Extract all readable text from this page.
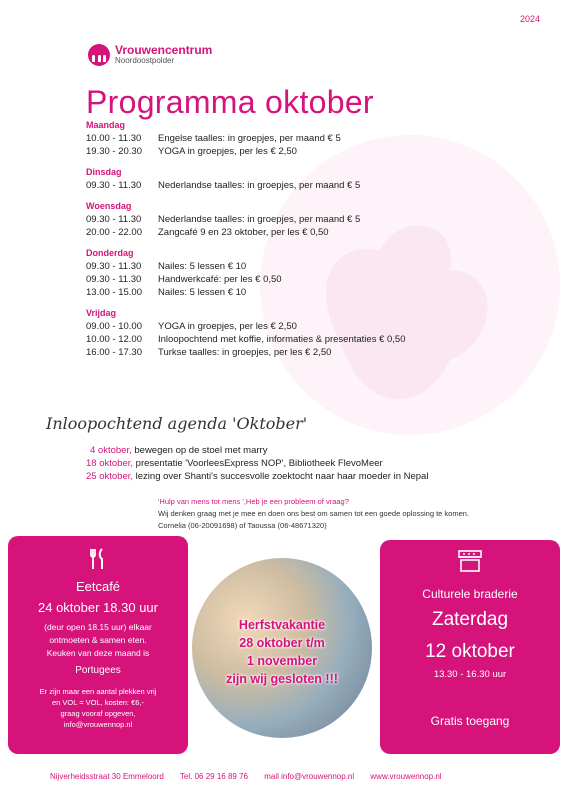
2024
Vrouwencentrum
Noordoostpolder
Programma oktober
Maandag
10.00 - 11.30	Engelse taalles: in groepjes, per maand € 5
19.30 - 20.30	YOGA in groepjes, per les € 2,50
Dinsdag
09.30 - 11.30	Nederlandse taalles: in groepjes, per maand € 5
Woensdag
09.30 - 11.30	Nederlandse taalles: in groepjes, per maand € 5
20.00 - 22.00	Zangcafé 9 en 23 oktober, per les € 0,50
Donderdag
09.30 - 11.30	Nailes: 5 lessen € 10
09.30 - 11.30	Handwerkcafé: per les € 0,50
13.00 - 15.00	Nailes: 5 lessen € 10
Vrijdag
09.00 - 10.00	YOGA in groepjes, per les € 2,50
10.00 - 12.00	Inloopochtend met koffie, informaties & presentaties € 0,50
16.00 - 17.30	Turkse taalles: in groepjes, per les € 2,50
Inloopochtend agenda 'Oktober'
4 oktober, bewegen op de stoel met marry
18 oktober, presentatie 'VoorleesExpress NOP', Bibliotheek FlevoMeer
25 oktober, lezing over Shanti's succesvolle zoektocht naar haar moeder in Nepal
'Hulp van mens tot mens ',Heb je een probleem of vraag?
Wij denken graag met je mee en doen ons best om samen tot een goede oplossing te komen.
Cornelia (06-20091698) of Taoussa (06-48671320)
Eetcafé
24 oktober 18.30 uur
(deur open 18.15 uur) elkaar
ontmoeten & samen eten.
Keuken van deze maand is
Portugees
Er zijn maar een aantal plekken vrij
en VOL = VOL, kosten: €6,-
graag vooraf opgeven,
info@vrouwennop.nl
Herfstvakantie
28 oktober t/m
1 november
zijn wij gesloten !!!
Culturele braderie
Zaterdag
12 oktober
13.30 - 16.30 uur
Gratis toegang
Nijverheidsstraat 30 Emmeloord Tel. 06 29 16 89 76 mail info@vrouwennop.nl www.vrouwennop.nl
